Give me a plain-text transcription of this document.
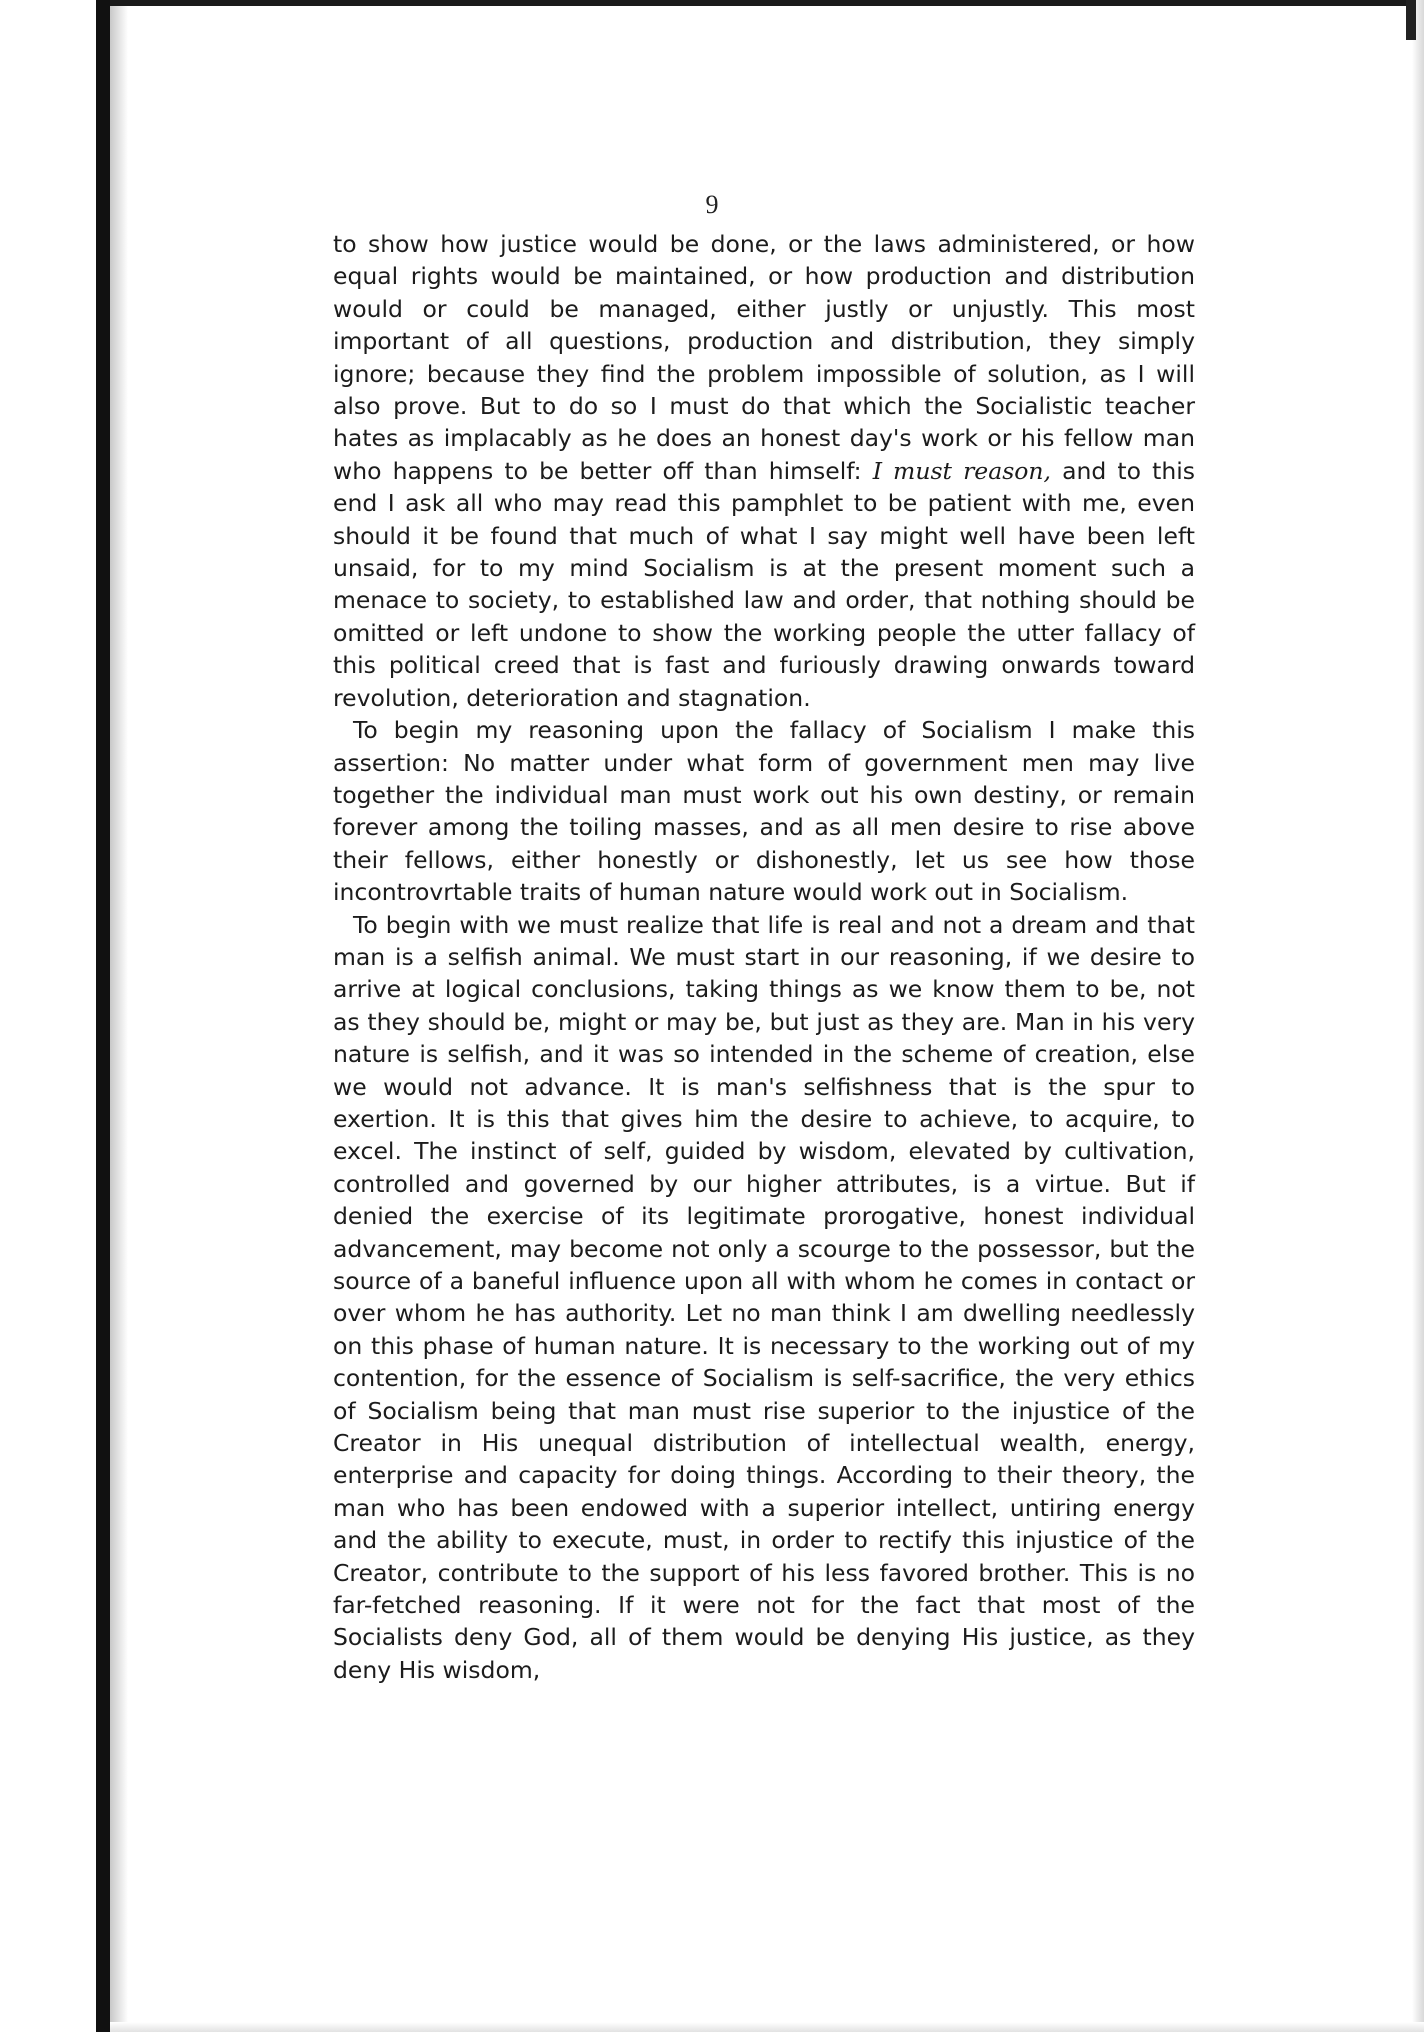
9

to show how justice would be done, or the laws administered, or how equal rights would be maintained, or how production and distribution would or could be managed, either justly or unjustly. This most important of all questions, production and distribution, they simply ignore; because they find the problem impossible of solution, as I will also prove. But to do so I must do that which the Socialistic teacher hates as implacably as he does an honest day's work or his fellow man who happens to be better off than himself: I must reason, and to this end I ask all who may read this pamphlet to be patient with me, even should it be found that much of what I say might well have been left unsaid, for to my mind Socialism is at the present moment such a menace to society, to established law and order, that nothing should be omitted or left undone to show the working people the utter fallacy of this political creed that is fast and furiously drawing onwards toward revolution, deterioration and stagnation.

To begin my reasoning upon the fallacy of Socialism I make this assertion: No matter under what form of government men may live together the individual man must work out his own destiny, or remain forever among the toiling masses, and as all men desire to rise above their fellows, either honestly or dishonestly, let us see how those incontrovrtable traits of human nature would work out in Socialism.

To begin with we must realize that life is real and not a dream and that man is a selfish animal. We must start in our reasoning, if we desire to arrive at logical conclusions, taking things as we know them to be, not as they should be, might or may be, but just as they are. Man in his very nature is selfish, and it was so intended in the scheme of creation, else we would not advance. It is man's selfishness that is the spur to exertion. It is this that gives him the desire to achieve, to acquire, to excel. The instinct of self, guided by wisdom, elevated by cultivation, controlled and governed by our higher attributes, is a virtue. But if denied the exercise of its legitimate prorogative, honest individual advancement, may become not only a scourge to the possessor, but the source of a baneful influence upon all with whom he comes in contact or over whom he has authority. Let no man think I am dwelling needlessly on this phase of human nature. It is necessary to the working out of my contention, for the essence of Socialism is self-sacrifice, the very ethics of Socialism being that man must rise superior to the injustice of the Creator in His unequal distribution of intellectual wealth, energy, enterprise and capacity for doing things. According to their theory, the man who has been endowed with a superior intellect, untiring energy and the ability to execute, must, in order to rectify this injustice of the Creator, contribute to the support of his less favored brother. This is no far-fetched reasoning. If it were not for the fact that most of the Socialists deny God, all of them would be denying His justice, as they deny His wisdom,
